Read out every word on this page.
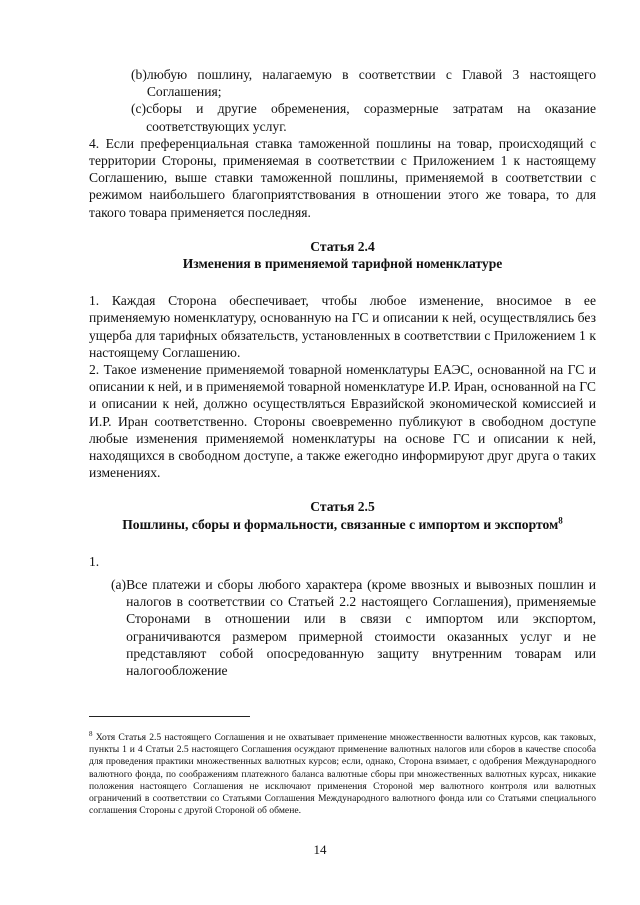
(b) любую пошлину, налагаемую в соответствии с Главой 3 настоящего Соглашения;
(c) сборы и другие обременения, соразмерные затратам на оказание соответствующих услуг.

4. Если преференциальная ставка таможенной пошлины на товар, происходящий с территории Стороны, применяемая в соответствии с Приложением 1 к настоящему Соглашению, выше ставки таможенной пошлины, применяемой в соответствии с режимом наибольшего благоприятствования в отношении этого же товара, то для такого товара применяется последняя.

Статья 2.4
Изменения в применяемой тарифной номенклатуре

1. Каждая Сторона обеспечивает, чтобы любое изменение, вносимое в ее применяемую номенклатуру, основанную на ГС и описании к ней, осуществлялись без ущерба для тарифных обязательств, установленных в соответствии с Приложением 1 к настоящему Соглашению.

2. Такое изменение применяемой товарной номенклатуры ЕАЭС, основанной на ГС и описании к ней, и в применяемой товарной номенклатуре И.Р. Иран, основанной на ГС и описании к ней, должно осуществляться Евразийской экономической комиссией и И.Р. Иран соответственно. Стороны своевременно публикуют в свободном доступе любые изменения применяемой номенклатуры на основе ГС и описании к ней, находящихся в свободном доступе, а также ежегодно информируют друг друга о таких изменениях.

Статья 2.5
Пошлины, сборы и формальности, связанные с импортом и экспортом$^8$

1.

(a) Все платежи и сборы любого характера (кроме ввозных и вывозных пошлин и налогов в соответствии со Статьей 2.2 настоящего Соглашения), применяемые Сторонами в отношении или в связи с импортом или экспортом, ограничиваются размером примерной стоимости оказанных услуг и не представляют собой опосредованную защиту внутренним товарам или налогообложение
$^8$ Хотя Статья 2.5 настоящего Соглашения и не охватывает применение множественности валютных курсов, как таковых, пункты 1 и 4 Статьи 2.5 настоящего Соглашения осуждают применение валютных налогов или сборов в качестве способа для проведения практики множественных валютных курсов; если, однако, Сторона взимает, с одобрения Международного валютного фонда, по соображениям платежного баланса валютные сборы при множественных валютных курсах, никакие положения настоящего Соглашения не исключают применения Стороной мер валютного контроля или валютных ограничений в соответствии со Статьями Соглашения Международного валютного фонда или со Статьями специального соглашения Стороны с другой Стороной об обмене.
14
